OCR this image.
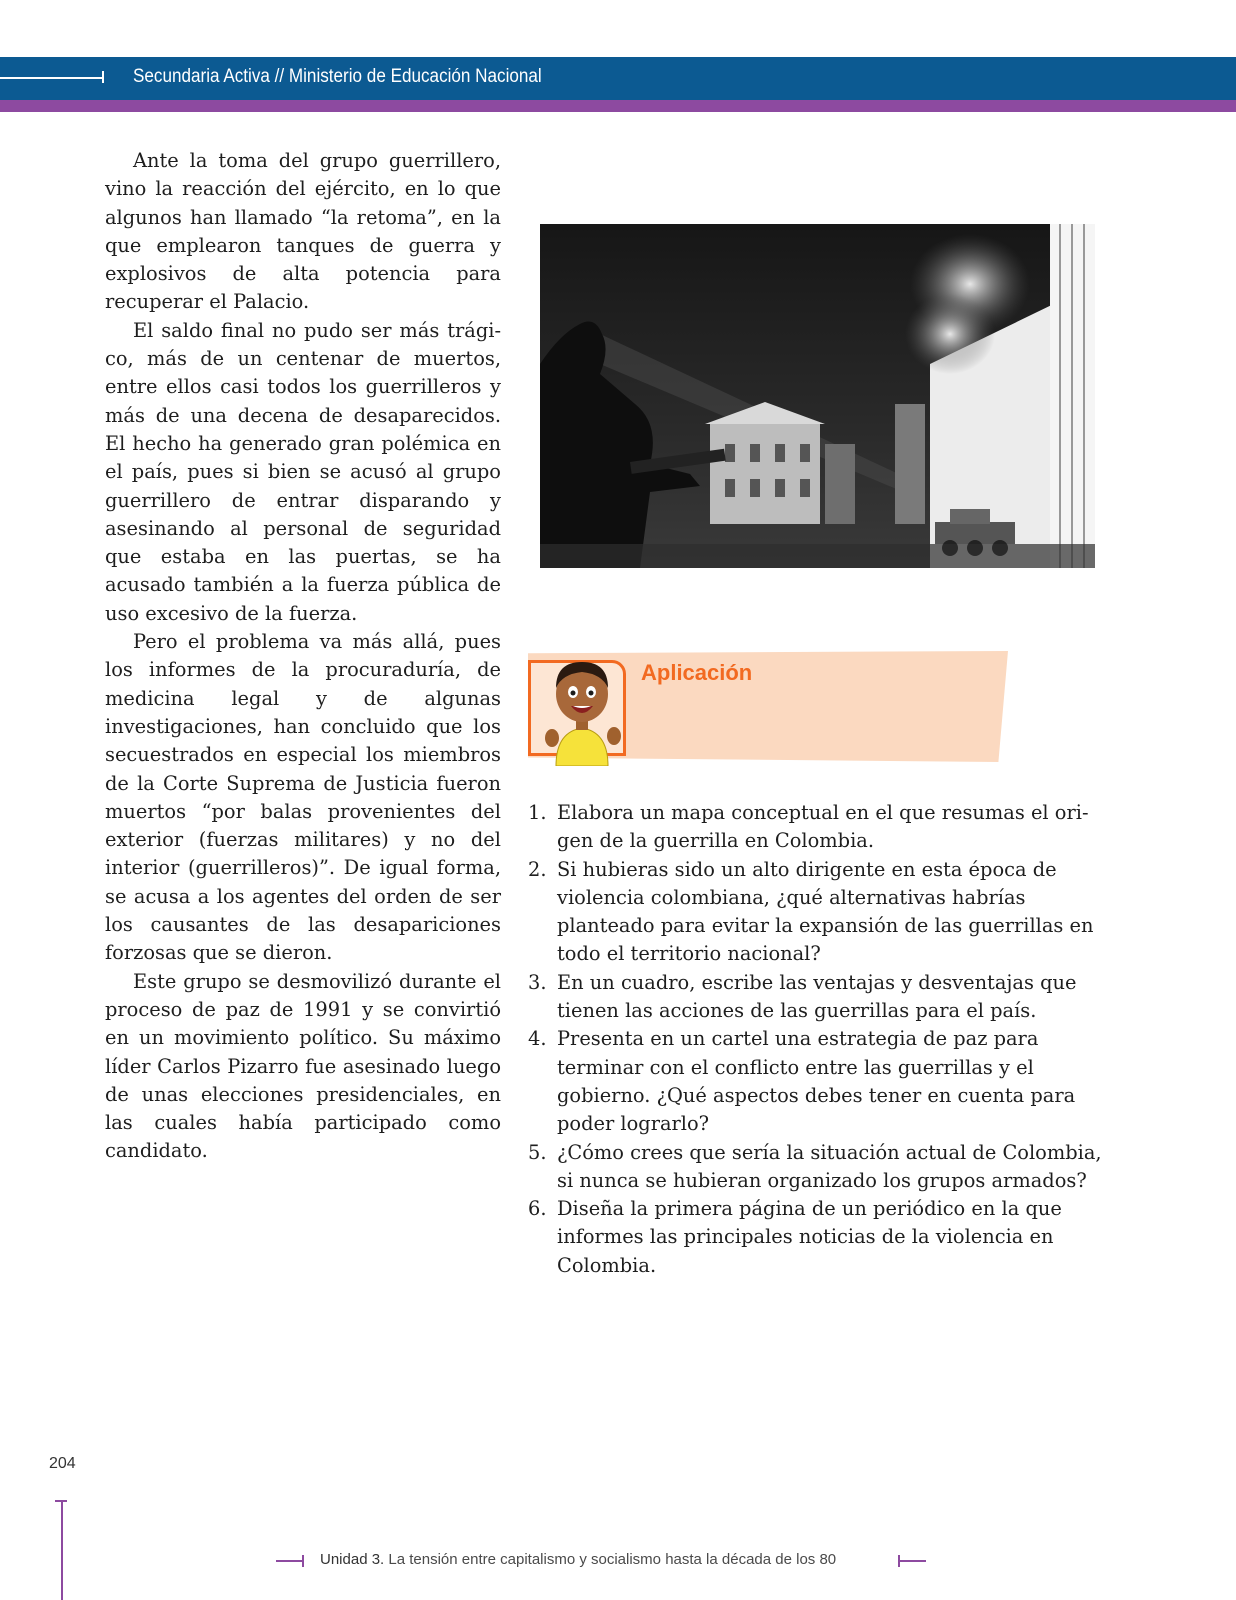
Secundaria Activa // Ministerio de Educación Nacional

Ante la toma del grupo guerrillero, vino la reacción del ejército, en lo que algunos han llamado “la retoma”, en la que emplearon tanques de guerra y explosivos de alta potencia para recuperar el Palacio.

El saldo final no pudo ser más trágico, más de un centenar de muertos, entre ellos casi todos los guerrilleros y más de una decena de desaparecidos. El hecho ha generado gran polémica en el país, pues si bien se acusó al grupo guerrillero de entrar disparando y asesinando al personal de seguridad que estaba en las puertas, se ha acusado también a la fuerza pública de uso excesivo de la fuerza.

Pero el problema va más allá, pues los informes de la procuraduría, de medicina legal y de algunas investigaciones, han concluido que los secuestrados en especial los miembros de la Corte Suprema de Justicia fueron muertos “por balas provenientes del exterior (fuerzas militares) y no del interior (guerrilleros)”. De igual forma, se acusa a los agentes del orden de ser los causantes de las desapariciones forzosas que se dieron.

Este grupo se desmovilizó durante el proceso de paz de 1991 y se convirtió en un movimiento político. Su máximo líder Carlos Pizarro fue asesinado luego de unas elecciones presidenciales, en las cuales había participado como candidato.

Aplicación
1. Elabora un mapa conceptual en el que resumas el origen de la guerrilla en Colombia.
2. Si hubieras sido un alto dirigente en esta época de violencia colombiana, ¿qué alternativas habrías planteado para evitar la expansión de las guerrillas en todo el territorio nacional?
3. En un cuadro, escribe las ventajas y desventajas que tienen las acciones de las guerrillas para el país.
4. Presenta en un cartel una estrategia de paz para terminar con el conflicto entre las guerrillas y el gobierno. ¿Qué aspectos debes tener en cuenta para poder lograrlo?
5. ¿Cómo crees que sería la situación actual de Colombia, si nunca se hubieran organizado los grupos armados?
6. Diseña la primera página de un periódico en la que informes las principales noticias de la violencia en Colombia.
204
Unidad 3. La tensión entre capitalismo y socialismo hasta la década de los 80
